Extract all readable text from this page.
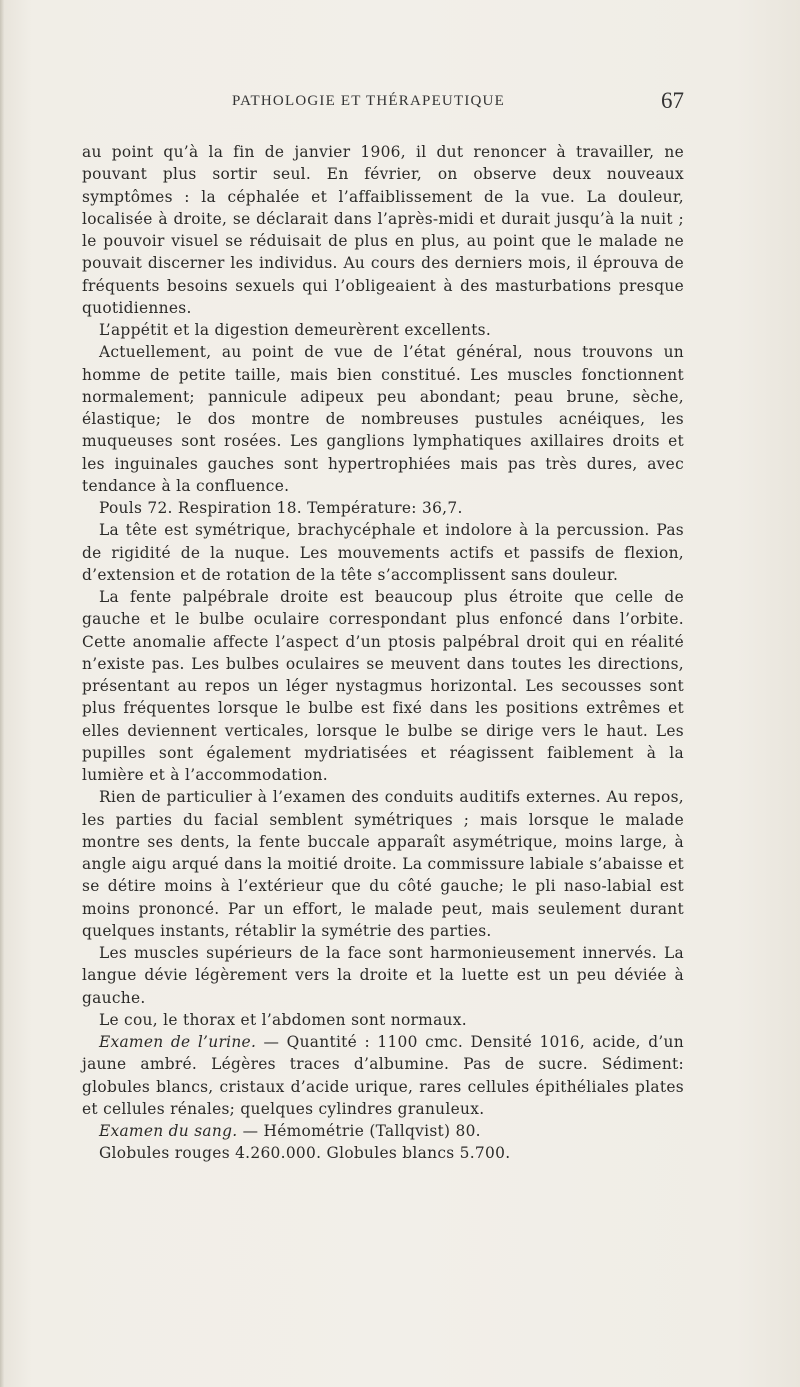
PATHOLOGIE ET THÉRAPEUTIQUE	67

au point qu’à la fin de janvier 1906, il dut renoncer à travailler, ne pouvant plus sortir seul. En février, on observe deux nouveaux symptômes : la céphalée et l’affaiblissement de la vue. La douleur, localisée à droite, se déclarait dans l’après-midi et durait jusqu’à la nuit ; le pouvoir visuel se réduisait de plus en plus, au point que le malade ne pouvait discerner les individus. Au cours des derniers mois, il éprouva de fréquents besoins sexuels qui l’obligeaient à des masturbations presque quotidiennes.

L’appétit et la digestion demeurèrent excellents.

Actuellement, au point de vue de l’état général, nous trouvons un homme de petite taille, mais bien constitué. Les muscles fonctionnent normalement; pannicule adipeux peu abondant; peau brune, sèche, élastique; le dos montre de nombreuses pustules acnéiques, les muqueuses sont rosées. Les ganglions lymphatiques axillaires droits et les inguinales gauches sont hypertrophiées mais pas très dures, avec tendance à la confluence.

Pouls 72. Respiration 18. Température: 36,7.

La tête est symétrique, brachycéphale et indolore à la percussion. Pas de rigidité de la nuque. Les mouvements actifs et passifs de flexion, d’extension et de rotation de la tête s’accomplissent sans douleur.

La fente palpébrale droite est beaucoup plus étroite que celle de gauche et le bulbe oculaire correspondant plus enfoncé dans l’orbite. Cette anomalie affecte l’aspect d’un ptosis palpébral droit qui en réalité n’existe pas. Les bulbes oculaires se meuvent dans toutes les directions, présentant au repos un léger nystagmus horizontal. Les secousses sont plus fréquentes lorsque le bulbe est fixé dans les positions extrêmes et elles deviennent verticales, lorsque le bulbe se dirige vers le haut. Les pupilles sont également mydriatisées et réagissent faiblement à la lumière et à l’accommodation.

Rien de particulier à l’examen des conduits auditifs externes. Au repos, les parties du facial semblent symétriques ; mais lorsque le malade montre ses dents, la fente buccale apparaît asymétrique, moins large, à angle aigu arqué dans la moitié droite. La commissure labiale s’abaisse et se détire moins à l’extérieur que du côté gauche; le pli naso-labial est moins prononcé. Par un effort, le malade peut, mais seulement durant quelques instants, rétablir la symétrie des parties.

Les muscles supérieurs de la face sont harmonieusement innervés. La langue dévie légèrement vers la droite et la luette est un peu déviée à gauche.

Le cou, le thorax et l’abdomen sont normaux.

Examen de l’urine. — Quantité : 1100 cmc. Densité 1016, acide, d’un jaune ambré. Légères traces d’albumine. Pas de sucre. Sédiment: globules blancs, cristaux d’acide urique, rares cellules épithéliales plates et cellules rénales; quelques cylindres granuleux.

Examen du sang. — Hémométrie (Tallqvist) 80.

Globules rouges 4.260.000. Globules blancs 5.700.
